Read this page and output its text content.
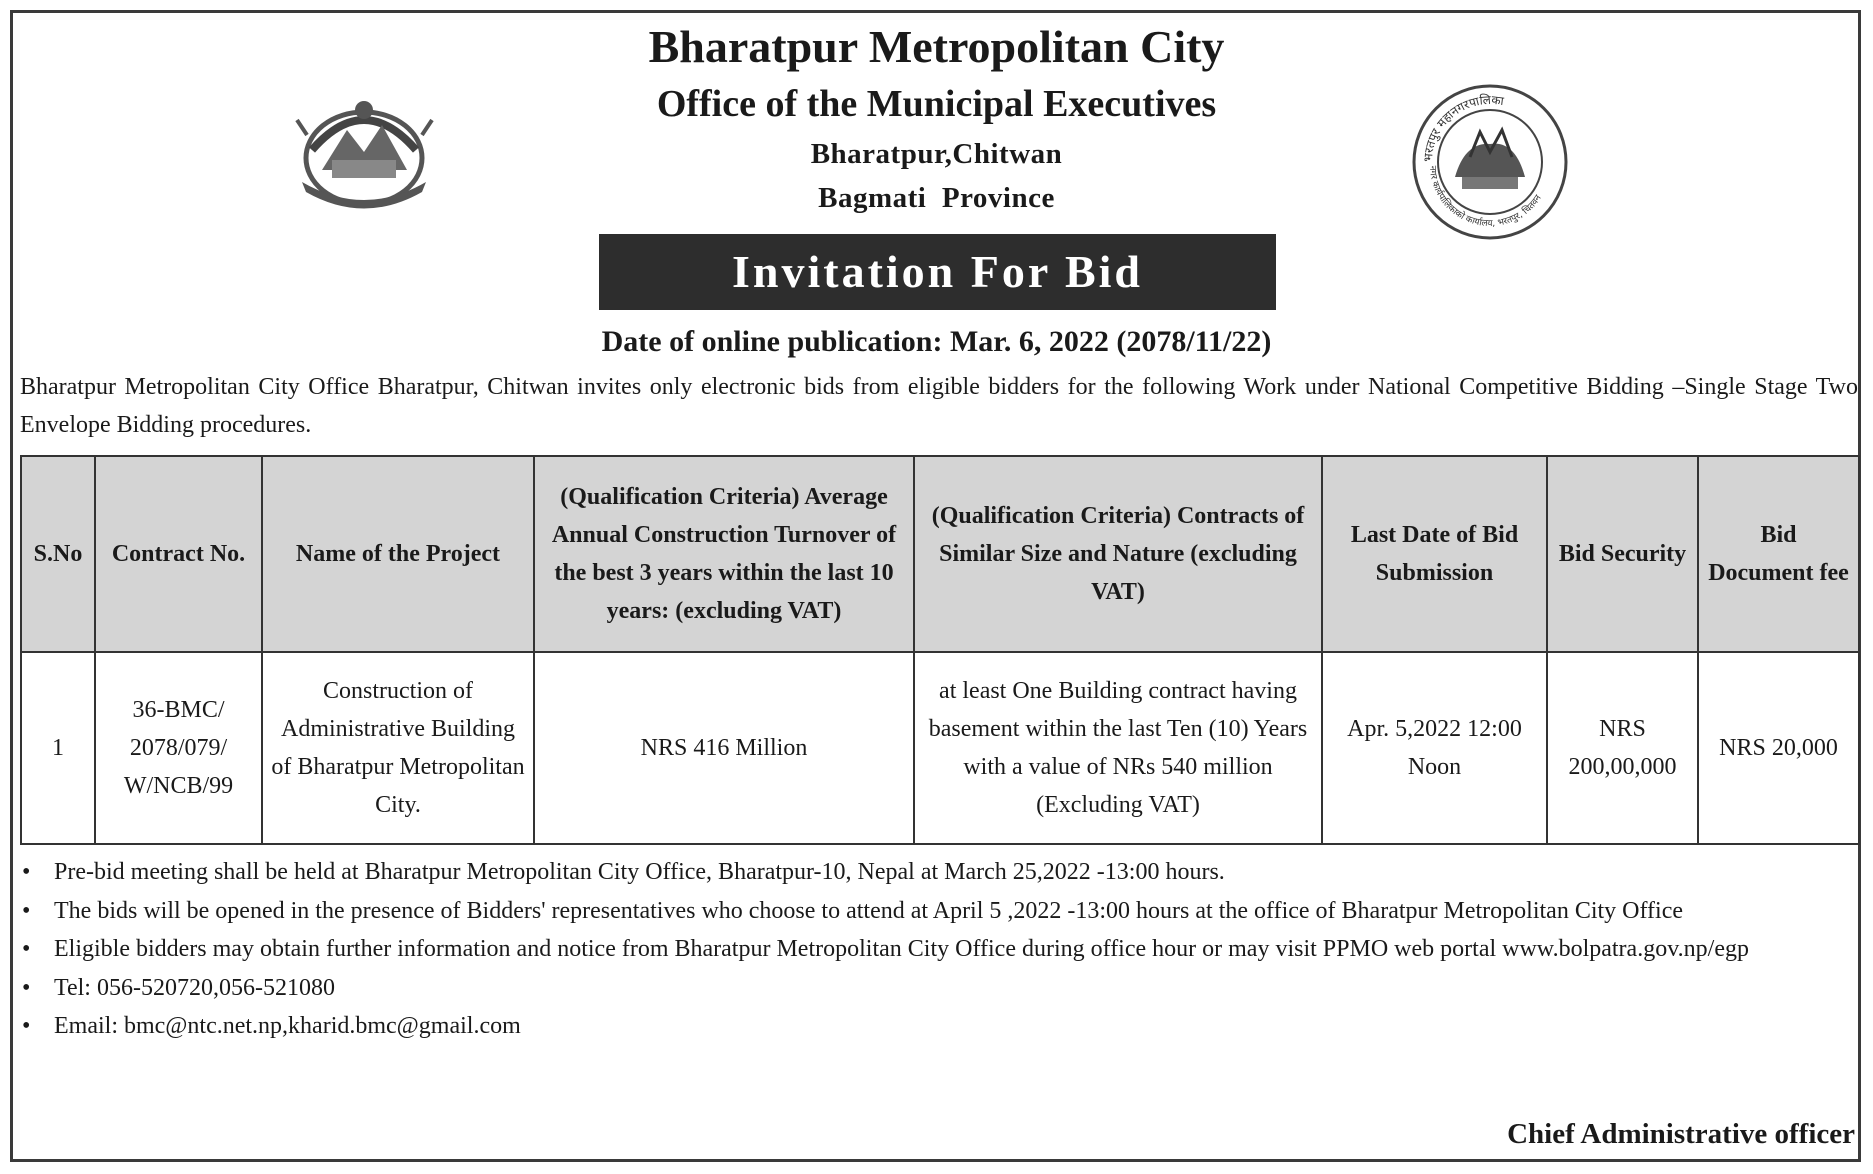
भरतपुर महानगरपालिका
नगर कार्यपालिकाको कार्यालय, भरतपुर, चितवन
Bharatpur Metropolitan City
Office of the Municipal Executives
Bharatpur,Chitwan
Bagmati  Province
Invitation For Bid
Date of online publication: Mar. 6, 2022 (2078/11/22)
Bharatpur Metropolitan City Office Bharatpur, Chitwan invites only electronic bids from eligible bidders for the following Work under National Competitive Bidding –Single Stage Two Envelope Bidding procedures.
S.No	Contract No.	Name of the Project	(Qualification Criteria) Average Annual Construction Turnover of the best 3 years within the last 10 years: (excluding VAT)	(Qualification Criteria) Contracts of Similar Size and Nature (excluding VAT)	Last Date of Bid Submission	Bid Security	Bid Document fee
1	36-BMC/ 2078/079/ W/NCB/99	Construction of Administrative Building of Bharatpur Metropolitan City.	NRS 416 Million	at least One Building contract having basement within the last Ten (10) Years with a value of NRs 540 million (Excluding VAT)	Apr. 5,2022 12:00 Noon	NRS 200,00,000	NRS 20,000
• Pre-bid meeting shall be held at Bharatpur Metropolitan City Office, Bharatpur-10, Nepal at March 25,2022 -13:00 hours.
• The bids will be opened in the presence of Bidders' representatives who choose to attend at April 5 ,2022 -13:00 hours at the office of Bharatpur Metropolitan City Office
• Eligible bidders may obtain further information and notice from Bharatpur Metropolitan City Office during office hour or may visit PPMO web portal www.bolpatra.gov.np/egp
• Tel: 056-520720,056-521080
• Email: bmc@ntc.net.np,kharid.bmc@gmail.com
Chief Administrative officer
